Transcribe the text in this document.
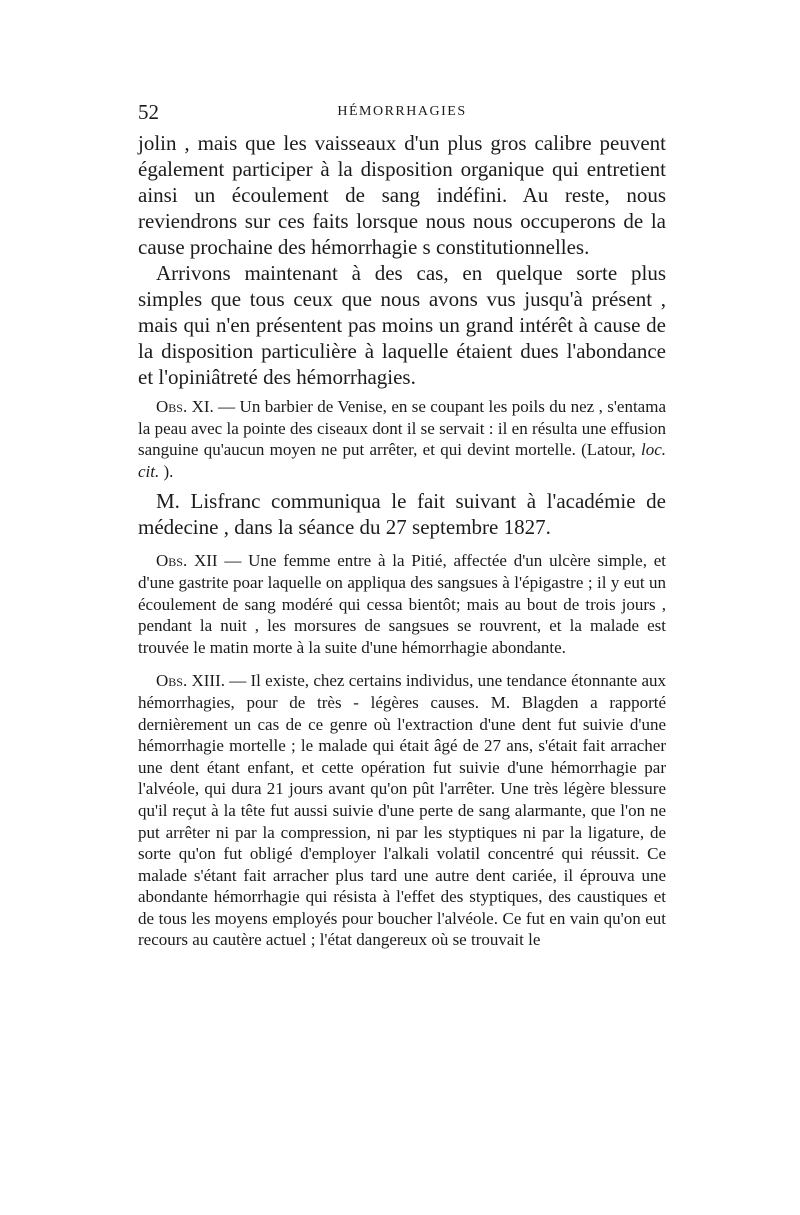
52	HÉMORRHAGIES

jolin , mais que les vaisseaux d'un plus gros calibre peuvent également participer à la disposition organique qui entretient ainsi un écoulement de sang indéfini. Au reste, nous reviendrons sur ces faits lorsque nous nous occuperons de la cause prochaine des hémorrhagie s constitutionnelles.

Arrivons maintenant à des cas, en quelque sorte plus simples que tous ceux que nous avons vus jusqu'à présent , mais qui n'en présentent pas moins un grand intérêt à cause de la disposition particulière à laquelle étaient dues l'abondance et l'opiniâtreté des hémorrhagies.

Obs. XI. — Un barbier de Venise, en se coupant les poils du nez , s'entama la peau avec la pointe des ciseaux dont il se servait : il en résulta une effusion sanguine qu'aucun moyen ne put arrêter, et qui devint mortelle. (Latour, loc. cit. ).

M. Lisfranc communiqua le fait suivant à l'académie de médecine , dans la séance du 27 septembre 1827.

Obs. XII — Une femme entre à la Pitié, affectée d'un ulcère simple, et d'une gastrite poar laquelle on appliqua des sangsues à l'épigastre ; il y eut un écoulement de sang modéré qui cessa bientôt; mais au bout de trois jours , pendant la nuit , les morsures de sangsues se rouvrent, et la malade est trouvée le matin morte à la suite d'une hémorrhagie abondante.

Obs. XIII. — Il existe, chez certains individus, une tendance étonnante aux hémorrhagies, pour de très - légères causes. M. Blagden a rapporté dernièrement un cas de ce genre où l'extraction d'une dent fut suivie d'une hémorrhagie mortelle ; le malade qui était âgé de 27 ans, s'était fait arracher une dent étant enfant, et cette opération fut suivie d'une hémorrhagie par l'alvéole, qui dura 21 jours avant qu'on pût l'arrêter. Une très légère blessure qu'il reçut à la tête fut aussi suivie d'une perte de sang alarmante, que l'on ne put arrêter ni par la compression, ni par les styptiques ni par la ligature, de sorte qu'on fut obligé d'employer l'alkali volatil concentré qui réussit. Ce malade s'étant fait arracher plus tard une autre dent cariée, il éprouva une abondante hémorrhagie qui résista à l'effet des styptiques, des caustiques et de tous les moyens employés pour boucher l'alvéole. Ce fut en vain qu'on eut recours au cautère actuel ; l'état dangereux où se trouvait le
